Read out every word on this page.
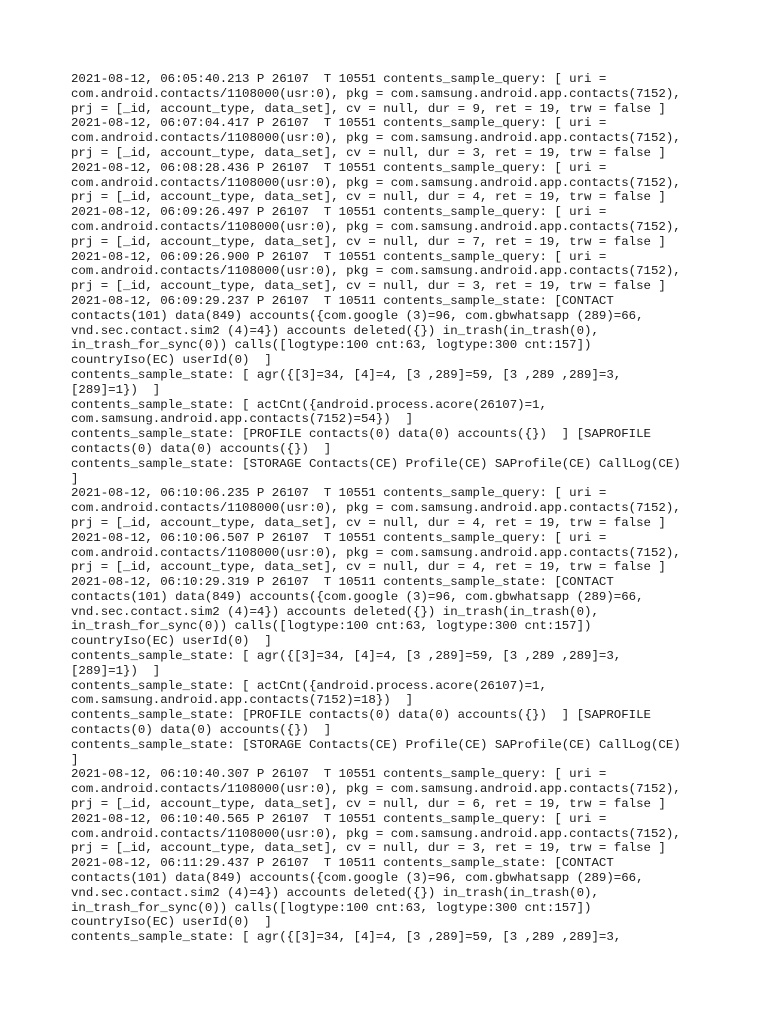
2021-08-12, 06:05:40.213 P 26107  T 10551 contents_sample_query: [ uri =
com.android.contacts/1108000(usr:0), pkg = com.samsung.android.app.contacts(7152),
prj = [_id, account_type, data_set], cv = null, dur = 9, ret = 19, trw = false ]
2021-08-12, 06:07:04.417 P 26107  T 10551 contents_sample_query: [ uri =
com.android.contacts/1108000(usr:0), pkg = com.samsung.android.app.contacts(7152),
prj = [_id, account_type, data_set], cv = null, dur = 3, ret = 19, trw = false ]
2021-08-12, 06:08:28.436 P 26107  T 10551 contents_sample_query: [ uri =
com.android.contacts/1108000(usr:0), pkg = com.samsung.android.app.contacts(7152),
prj = [_id, account_type, data_set], cv = null, dur = 4, ret = 19, trw = false ]
2021-08-12, 06:09:26.497 P 26107  T 10551 contents_sample_query: [ uri =
com.android.contacts/1108000(usr:0), pkg = com.samsung.android.app.contacts(7152),
prj = [_id, account_type, data_set], cv = null, dur = 7, ret = 19, trw = false ]
2021-08-12, 06:09:26.900 P 26107  T 10551 contents_sample_query: [ uri =
com.android.contacts/1108000(usr:0), pkg = com.samsung.android.app.contacts(7152),
prj = [_id, account_type, data_set], cv = null, dur = 3, ret = 19, trw = false ]
2021-08-12, 06:09:29.237 P 26107  T 10511 contents_sample_state: [CONTACT
contacts(101) data(849) accounts({com.google (3)=96, com.gbwhatsapp (289)=66,
vnd.sec.contact.sim2 (4)=4}) accounts deleted({}) in_trash(in_trash(0),
in_trash_for_sync(0)) calls([logtype:100 cnt:63, logtype:300 cnt:157])
countryIso(EC) userId(0)  ]
contents_sample_state: [ agr({[3]=34, [4]=4, [3 ,289]=59, [3 ,289 ,289]=3,
[289]=1})  ]
contents_sample_state: [ actCnt({android.process.acore(26107)=1,
com.samsung.android.app.contacts(7152)=54})  ]
contents_sample_state: [PROFILE contacts(0) data(0) accounts({})  ] [SAPROFILE
contacts(0) data(0) accounts({})  ]
contents_sample_state: [STORAGE Contacts(CE) Profile(CE) SAProfile(CE) CallLog(CE)
]
2021-08-12, 06:10:06.235 P 26107  T 10551 contents_sample_query: [ uri =
com.android.contacts/1108000(usr:0), pkg = com.samsung.android.app.contacts(7152),
prj = [_id, account_type, data_set], cv = null, dur = 4, ret = 19, trw = false ]
2021-08-12, 06:10:06.507 P 26107  T 10551 contents_sample_query: [ uri =
com.android.contacts/1108000(usr:0), pkg = com.samsung.android.app.contacts(7152),
prj = [_id, account_type, data_set], cv = null, dur = 4, ret = 19, trw = false ]
2021-08-12, 06:10:29.319 P 26107  T 10511 contents_sample_state: [CONTACT
contacts(101) data(849) accounts({com.google (3)=96, com.gbwhatsapp (289)=66,
vnd.sec.contact.sim2 (4)=4}) accounts deleted({}) in_trash(in_trash(0),
in_trash_for_sync(0)) calls([logtype:100 cnt:63, logtype:300 cnt:157])
countryIso(EC) userId(0)  ]
contents_sample_state: [ agr({[3]=34, [4]=4, [3 ,289]=59, [3 ,289 ,289]=3,
[289]=1})  ]
contents_sample_state: [ actCnt({android.process.acore(26107)=1,
com.samsung.android.app.contacts(7152)=18})  ]
contents_sample_state: [PROFILE contacts(0) data(0) accounts({})  ] [SAPROFILE
contacts(0) data(0) accounts({})  ]
contents_sample_state: [STORAGE Contacts(CE) Profile(CE) SAProfile(CE) CallLog(CE)
]
2021-08-12, 06:10:40.307 P 26107  T 10551 contents_sample_query: [ uri =
com.android.contacts/1108000(usr:0), pkg = com.samsung.android.app.contacts(7152),
prj = [_id, account_type, data_set], cv = null, dur = 6, ret = 19, trw = false ]
2021-08-12, 06:10:40.565 P 26107  T 10551 contents_sample_query: [ uri =
com.android.contacts/1108000(usr:0), pkg = com.samsung.android.app.contacts(7152),
prj = [_id, account_type, data_set], cv = null, dur = 3, ret = 19, trw = false ]
2021-08-12, 06:11:29.437 P 26107  T 10511 contents_sample_state: [CONTACT
contacts(101) data(849) accounts({com.google (3)=96, com.gbwhatsapp (289)=66,
vnd.sec.contact.sim2 (4)=4}) accounts deleted({}) in_trash(in_trash(0),
in_trash_for_sync(0)) calls([logtype:100 cnt:63, logtype:300 cnt:157])
countryIso(EC) userId(0)  ]
contents_sample_state: [ agr({[3]=34, [4]=4, [3 ,289]=59, [3 ,289 ,289]=3,
